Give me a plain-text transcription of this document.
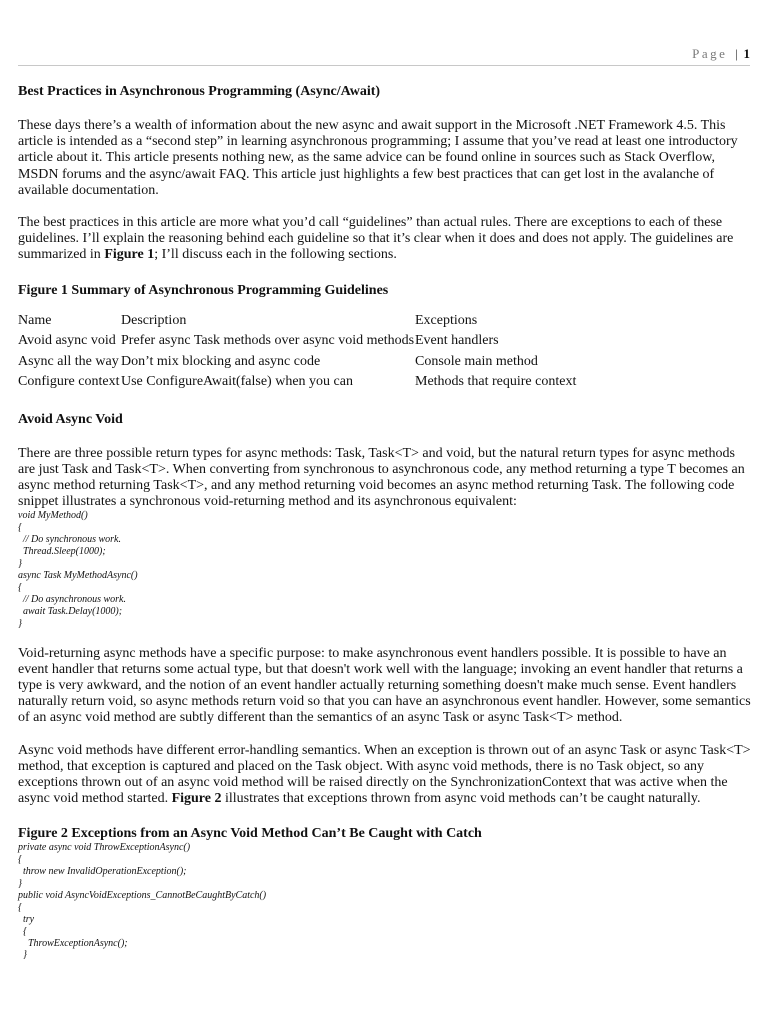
Page | 1
Best Practices in Asynchronous Programming (Async/Await)

These days there’s a wealth of information about the new async and await support in the Microsoft .NET Framework 4.5. This article is intended as a “second step” in learning asynchronous programming; I assume that you’ve read at least one introductory article about it. This article presents nothing new, as the same advice can be found online in sources such as Stack Overflow, MSDN forums and the async/await FAQ. This article just highlights a few best practices that can get lost in the avalanche of available documentation.

The best practices in this article are more what you’d call “guidelines” than actual rules. There are exceptions to each of these guidelines. I’ll explain the reasoning behind each guideline so that it’s clear when it does and does not apply. The guidelines are summarized in Figure 1; I’ll discuss each in the following sections.

Figure 1 Summary of Asynchronous Programming Guidelines
Name	Description	Exceptions
Avoid async void	Prefer async Task methods over async void methods	Event handlers
Async all the way	Don’t mix blocking and async code	Console main method
Configure context	Use ConfigureAwait(false) when you can	Methods that require context
Avoid Async Void

There are three possible return types for async methods: Task, Task<T> and void, but the natural return types for async methods are just Task and Task<T>. When converting from synchronous to asynchronous code, any method returning a type T becomes an async method returning Task<T>, and any method returning void becomes an async method returning Task. The following code snippet illustrates a synchronous void-returning method and its asynchronous equivalent:

void MyMethod()
{
// Do synchronous work.
Thread.Sleep(1000);
}
async Task MyMethodAsync()
{
// Do asynchronous work.
await Task.Delay(1000);
}

Void-returning async methods have a specific purpose: to make asynchronous event handlers possible. It is possible to have an event handler that returns some actual type, but that doesn't work well with the language; invoking an event handler that returns a type is very awkward, and the notion of an event handler actually returning something doesn't make much sense. Event handlers naturally return void, so async methods return void so that you can have an asynchronous event handler. However, some semantics of an async void method are subtly different than the semantics of an async Task or async Task<T> method.

Async void methods have different error-handling semantics. When an exception is thrown out of an async Task or async Task<T> method, that exception is captured and placed on the Task object. With async void methods, there is no Task object, so any exceptions thrown out of an async void method will be raised directly on the SynchronizationContext that was active when the async void method started. Figure 2 illustrates that exceptions thrown from async void methods can’t be caught naturally.

Figure 2 Exceptions from an Async Void Method Can’t Be Caught with Catch
private async void ThrowExceptionAsync()
{
throw new InvalidOperationException();
}
public void AsyncVoidExceptions_CannotBeCaughtByCatch()
{
try
{
ThrowExceptionAsync();
}
